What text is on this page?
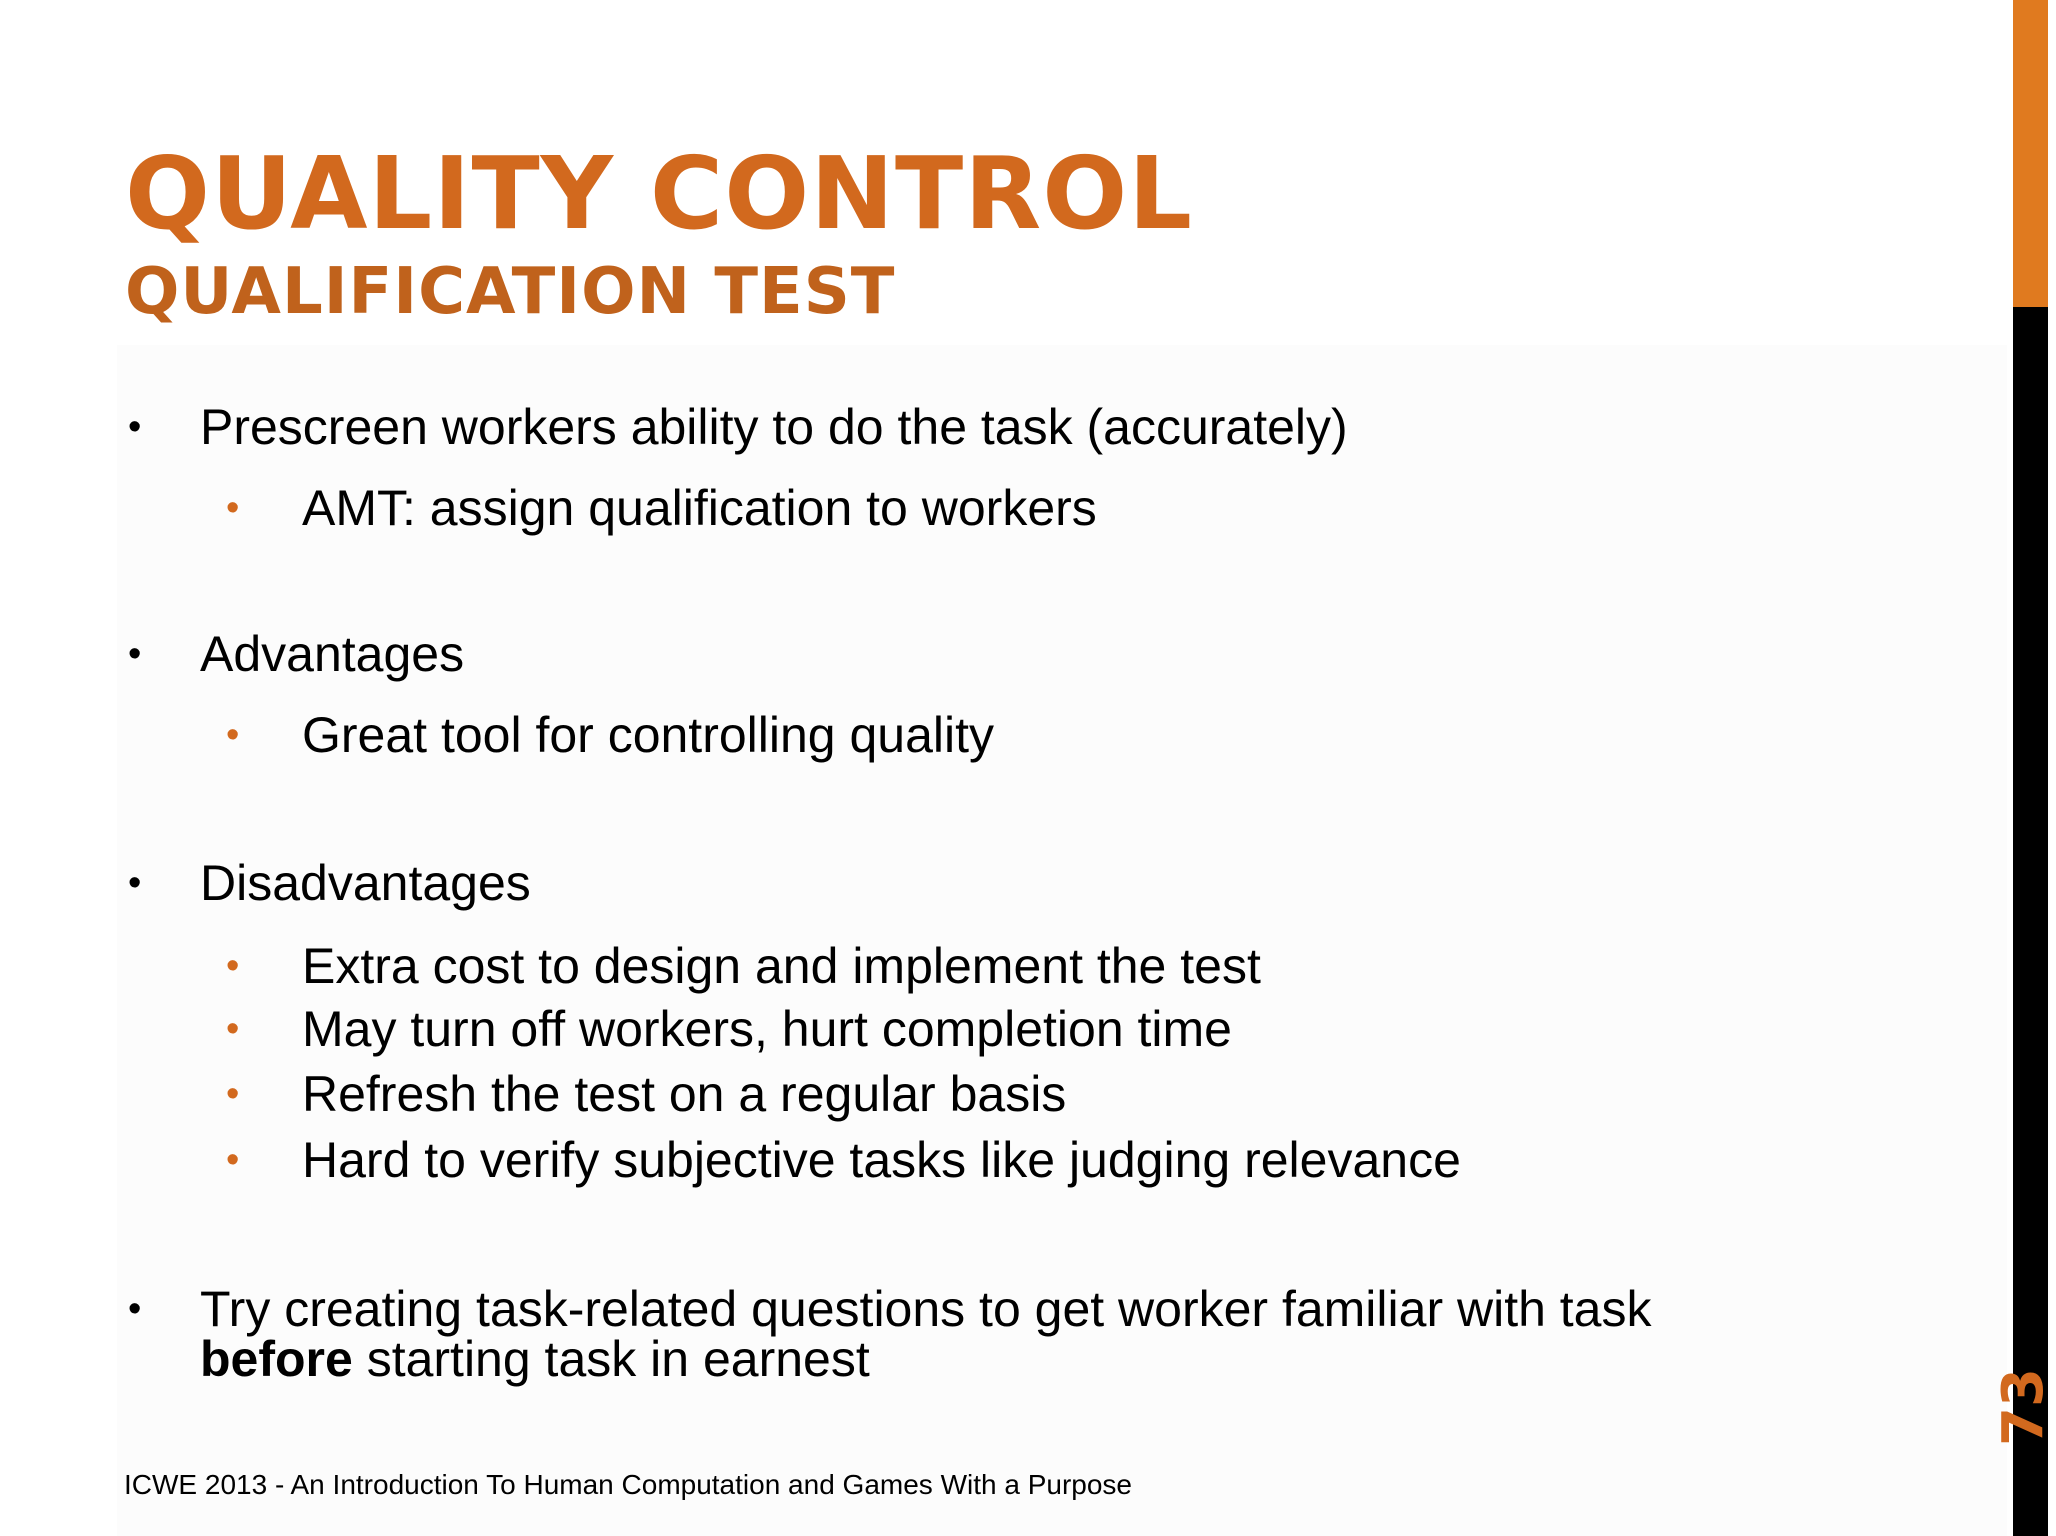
QUALITY CONTROL
QUALIFICATION TEST
• Prescreen workers ability to do the task (accurately)
• AMT: assign qualification to workers
• Advantages
• Great tool for controlling quality
• Disadvantages
• Extra cost to design and implement the test
• May turn off workers, hurt completion time
• Refresh the test on a regular basis
• Hard to verify subjective tasks like judging relevance
• Try creating task-related questions to get worker familiar with task
before starting task in earnest
ICWE 2013 - An Introduction To Human Computation and Games With a Purpose
73
